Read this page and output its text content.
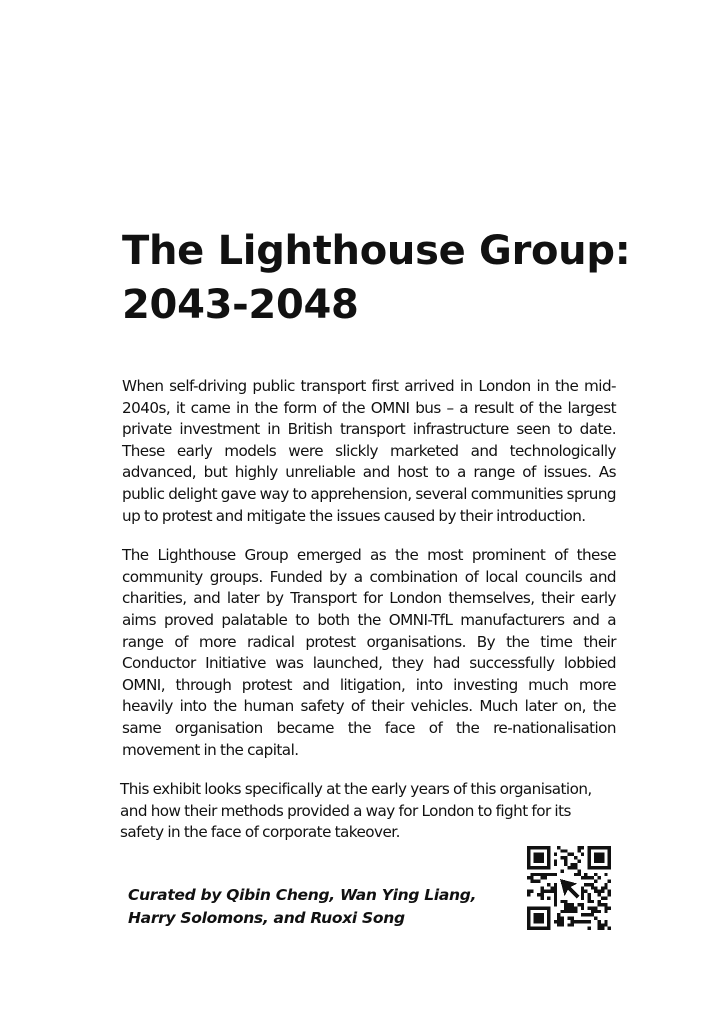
The Lighthouse Group:
2043-2048

When self-driving public transport first arrived in London in the mid-2040s, it came in the form of the OMNI bus – a result of the largest private investment in British transport infrastructure seen to date. These early models were slickly marketed and technologically advanced, but highly unreliable and host to a range of issues. As public delight gave way to apprehension, several communities sprung up to protest and mitigate the issues caused by their introduction.

The Lighthouse Group emerged as the most prominent of these community groups. Funded by a combination of local councils and charities, and later by Transport for London themselves, their early aims proved palatable to both the OMNI-TfL manufacturers and a range of more radical protest organisations. By the time their Conductor Initiative was launched, they had successfully lobbied OMNI, through protest and litigation, into investing much more heavily into the human safety of their vehicles. Much later on, the same organisation became the face of the re-nationalisation movement in the capital.

This exhibit looks specifically at the early years of this organisation, and how their methods provided a way for London to fight for its safety in the face of corporate takeover.

Curated by Qibin Cheng, Wan Ying Liang,
Harry Solomons, and Ruoxi Song
